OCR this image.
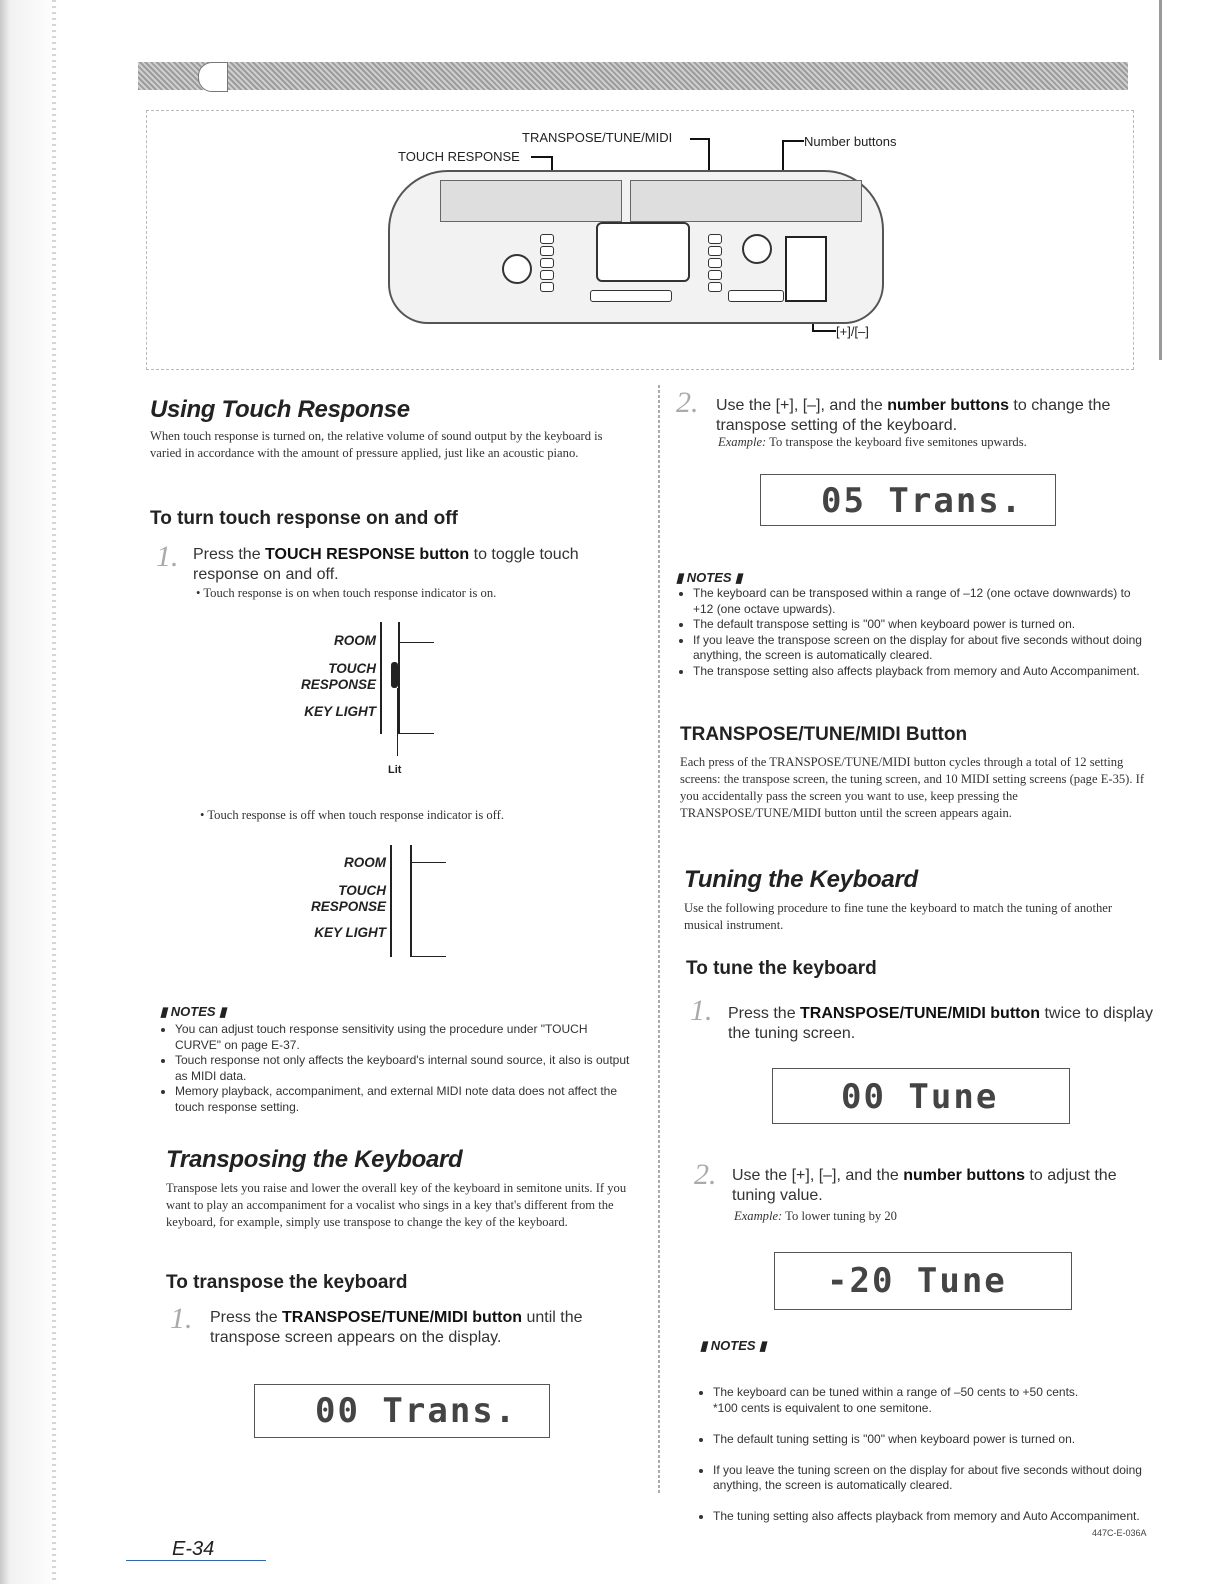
TOUCH RESPONSE
TRANSPOSE/TUNE/MIDI	Number buttons
[+]/[–]
Using Touch Response
When touch response is turned on, the relative volume of sound output by the keyboard is varied in accordance with the amount of pressure applied, just like an acoustic piano.
To turn touch response on and off
1. Press the TOUCH RESPONSE button to toggle touch response on and off.
• Touch response is on when touch response indicator is on.
ROOM
TOUCH
RESPONSE
KEY LIGHT
Lit
• Touch response is off when touch response indicator is off.
ROOM
TOUCH
RESPONSE
KEY LIGHT
▮ NOTES ▮
• You can adjust touch response sensitivity using the procedure under "TOUCH CURVE" on page E-37.
• Touch response not only affects the keyboard's internal sound source, it also is output as MIDI data.
• Memory playback, accompaniment, and external MIDI note data does not affect the touch response setting.
Transposing the Keyboard
Transpose lets you raise and lower the overall key of the keyboard in semitone units. If you want to play an accompaniment for a vocalist who sings in a key that's different from the keyboard, for example, simply use transpose to change the key of the keyboard.
To transpose the keyboard
1. Press the TRANSPOSE/TUNE/MIDI button until the transpose screen appears on the display.
00 Trans.
2. Use the [+], [–], and the number buttons to change the transpose setting of the keyboard.
Example: To transpose the keyboard five semitones upwards.
05 Trans.
▮ NOTES ▮
• The keyboard can be transposed within a range of –12 (one octave downwards) to +12 (one octave upwards).
• The default transpose setting is "00" when keyboard power is turned on.
• If you leave the transpose screen on the display for about five seconds without doing anything, the screen is automatically cleared.
• The transpose setting also affects playback from memory and Auto Accompaniment.
TRANSPOSE/TUNE/MIDI Button
Each press of the TRANSPOSE/TUNE/MIDI button cycles through a total of 12 setting screens: the transpose screen, the tuning screen, and 10 MIDI setting screens (page E-35). If you accidentally pass the screen you want to use, keep pressing the TRANSPOSE/TUNE/MIDI button until the screen appears again.
Tuning the Keyboard
Use the following procedure to fine tune the keyboard to match the tuning of another musical instrument.
To tune the keyboard
1. Press the TRANSPOSE/TUNE/MIDI button twice to display the tuning screen.
00 Tune
2. Use the [+], [–], and the number buttons to adjust the tuning value.
Example: To lower tuning by 20
-20 Tune
▮ NOTES ▮

• The keyboard can be tuned within a range of –50 cents to +50 cents.
*100 cents is equivalent to one semitone.

• The default tuning setting is "00" when keyboard power is turned on.

• If you leave the tuning screen on the display for about five seconds without doing anything, the screen is automatically cleared.

• The tuning setting also affects playback from memory and Auto Accompaniment.

E-34
447C-E-036A
